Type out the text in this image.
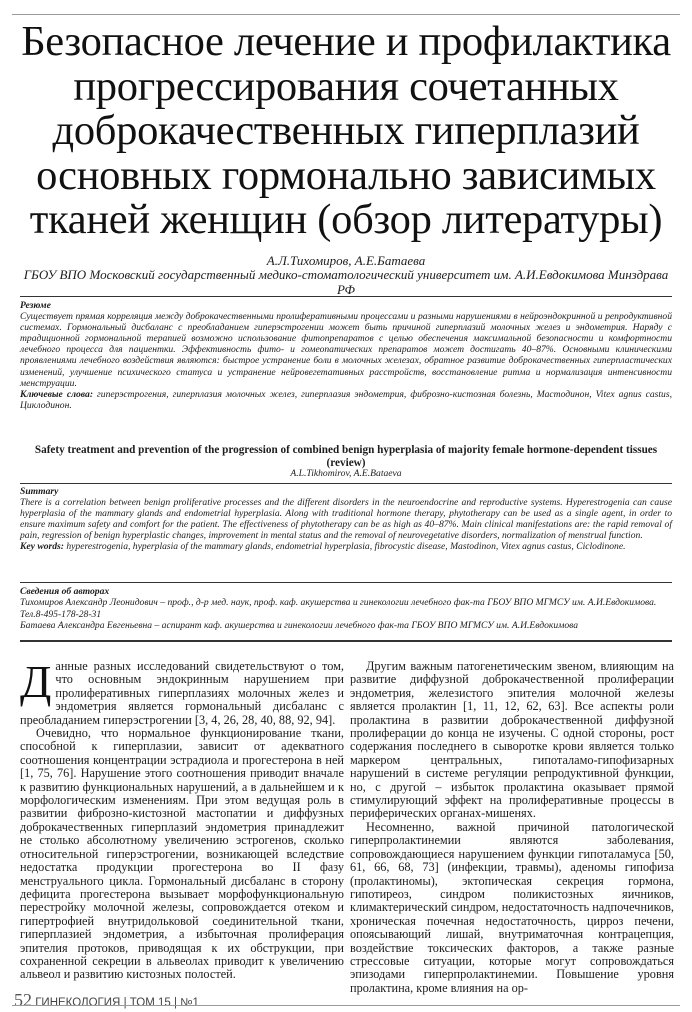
Безопасное лечение и профилактика прогрессирования сочетанных доброкачественных гиперплазий основных гормонально зависимых тканей женщин (обзор литературы)
А.Л.Тихомиров, А.Е.Батаева
ГБОУ ВПО Московский государственный медико-стоматологический университет им. А.И.Евдокимова Минздрава РФ
Резюме
Существует прямая корреляция между доброкачественными пролиферативными процессами и разными нарушениями в нейроэндокринной и репродуктивной системах. Гормональный дисбаланс с преобладанием гиперэстрогении может быть причиной гиперплазий молочных желез и эндометрия. Наряду с традиционной гормональной терапией возможно использование фитопрепаратов с целью обеспечения максимальной безопасности и комфортности лечебного процесса для пациентки. Эффективность фито- и гомеопатических препаратов может достигать 40–87%. Основными клиническими проявлениями лечебного воздействия являются: быстрое устранение боли в молочных железах, обратное развитие доброкачественных гиперпластических изменений, улучшение психического статуса и устранение нейровегетативных расстройств, восстановление ритма и нормализация интенсивности менструации.
Ключевые слова: гиперэстрогения, гиперплазия молочных желез, гиперплазия эндометрия, фиброзно-кистозная болезнь, Мастодинон, Vitex agnus castus, Циклодинон.
Safety treatment and prevention of the progression of combined benign hyperplasia of majority female hormone-dependent tissues (review)
A.L.Tikhomirov, A.E.Bataeva
Summary
There is a correlation between benign proliferative processes and the different disorders in the neuroendocrine and reproductive systems. Hyperestrogenia can cause hyperplasia of the mammary glands and endometrial hyperplasia. Along with traditional hormone therapy, phytotherapy can be used as a single agent, in order to ensure maximum safety and comfort for the patient. The effectiveness of phytotherapy can be as high as 40–87%. Main clinical manifestations are: the rapid removal of pain, regression of benign hyperplastic changes, improvement in mental status and the removal of neurovegetative disorders, normalization of menstrual function.
Key words: hyperestrogenia, hyperplasia of the mammary glands, endometrial hyperplasia, fibrocystic disease, Mastodinon, Vitex agnus castus, Ciclodinone.
Сведения об авторах
Тихомиров Александр Леонидович – проф., д-р мед. наук, проф. каф. акушерства и гинекологии лечебного фак-та ГБОУ ВПО МГМСУ им. А.И.Евдокимова. Тел.8-495-178-28-31
Батаева Александра Евгеньевна – аспирант каф. акушерства и гинекологии лечебного фак-та ГБОУ ВПО МГМСУ им. А.И.Евдокимова

Данные разных исследований свидетельствуют о том, что основным эндокринным нарушением при пролиферативных гиперплазиях молочных желез и эндометрия является гормональный дисбаланс с преобладанием гиперэстрогении [3, 4, 26, 28, 40, 88, 92, 94].

Очевидно, что нормальное функционирование ткани, способной к гиперплазии, зависит от адекватного соотношения концентрации эстрадиола и прогестерона в ней [1, 75, 76]. Нарушение этого соотношения приводит вначале к развитию функциональных нарушений, а в дальнейшем и к морфологическим изменениям. При этом ведущая роль в развитии фиброзно-кистозной мастопатии и диффузных доброкачественных гиперплазий эндометрия принадлежит не столько абсолютному увеличению эстрогенов, сколько относительной гиперэстрогении, возникающей вследствие недостатка продукции прогестерона во II фазу менструального цикла. Гормональный дисбаланс в сторону дефицита прогестерона вызывает морфофункциональную перестройку молочной железы, сопровождается отеком и гипертрофией внутридольковой соединительной ткани, гиперплазией эндометрия, а избыточная пролиферация эпителия протоков, приводящая к их обструкции, при сохраненной секреции в альвеолах приводит к увеличению альвеол и развитию кистозных полостей.

Другим важным патогенетическим звеном, влияющим на развитие диффузной доброкачественной пролиферации эндометрия, железистого эпителия молочной железы является пролактин [1, 11, 12, 62, 63]. Все аспекты роли пролактина в развитии доброкачественной диффузной пролиферации до конца не изучены. С одной стороны, рост содержания последнего в сыворотке крови является только маркером центральных, гипоталамо-гипофизарных нарушений в системе регуляции репродуктивной функции, но, с другой – избыток пролактина оказывает прямой стимулирующий эффект на пролиферативные процессы в периферических органах-мишенях.

Несомненно, важной причиной патологической гиперпролактинемии являются заболевания, сопровождающиеся нарушением функции гипоталамуса [50, 61, 66, 68, 73] (инфекции, травмы), аденомы гипофиза (пролактиномы), эктопическая секреция гормона, гипотиреоз, синдром поликистозных яичников, климактерический синдром, недостаточность надпочечников, хроническая почечная недостаточность, цирроз печени, опоясывающий лишай, внутриматочная контрацепция, воздействие токсических факторов, а также разные стрессовые ситуации, которые могут сопровождаться эпизодами гиперпролактинемии. Повышение уровня пролактина, кроме влияния на ор-

52 ГИНЕКОЛОГИЯ | ТОМ 15 | №1
